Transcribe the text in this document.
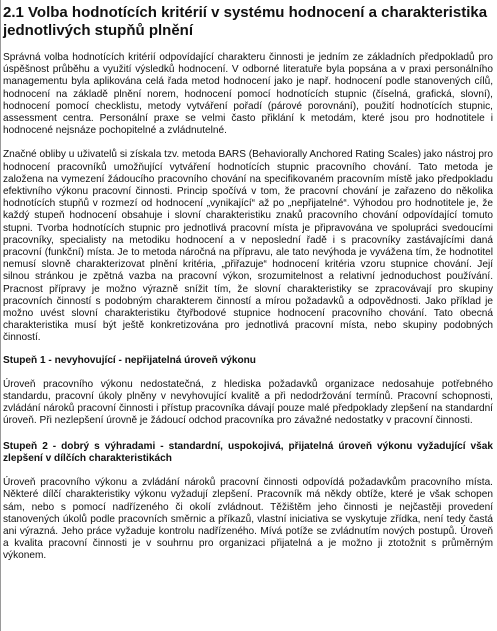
2.1 Volba hodnotících kritérií v systému hodnocení a charakteristika jednotlivých stupňů plnění

Správná volba hodnotících kritérií odpovídající charakteru činnosti je jedním ze základních předpokladů pro úspěšnost průběhu a využití výsledků hodnocení. V odborné literatuře byla popsána a v praxi personálního managementu byla aplikována celá řada metod hodnocení jako je např. hodnocení podle stanovených cílů, hodnocení na základě plnění norem, hodnocení pomocí hodnotících stupnic (číselná, grafická, slovní), hodnocení pomocí checklistu, metody vytváření pořadí (párové porovnání), použití hodnotících stupnic, assessment centra. Personální praxe se velmi často přiklání k metodám, které jsou pro hodnotitele i hodnocené nejsnáze pochopitelné a zvládnutelné.

Značné obliby u uživatelů si získala tzv. metoda BARS (Behaviorally Anchored Rating Scales) jako nástroj pro hodnocení pracovníků umožňující vytváření hodnotících stupnic pracovního chování. Tato metoda je založena na vymezení žádoucího pracovního chování na specifikovaném pracovním místě jako předpokladu efektivního výkonu pracovní činnosti. Princip spočívá v tom, že pracovní chování je zařazeno do několika hodnotících stupňů v rozmezí od hodnocení „vynikající“ až po „nepřijatelné“. Výhodou pro hodnotitele je, že každý stupeň hodnocení obsahuje i slovní charakteristiku znaků pracovního chování odpovídající tomuto stupni. Tvorba hodnotících stupnic pro jednotlivá pracovní místa je připravována ve spolupráci svedoucími pracovníky, specialisty na metodiku hodnocení a v neposlední řadě i s pracovníky zastávajícími daná pracovní (funkční) místa. Je to metoda náročná na přípravu, ale tato nevýhoda je vyvážena tím, že hodnotitel nemusí slovně charakterizovat plnění kritéria, „přiřazuje“ hodnocení kritéria vzoru stupnice chování. Její silnou stránkou je zpětná vazba na pracovní výkon, srozumitelnost a relativní jednoduchost používání. Pracnost přípravy je možno výrazně snížit tím, že slovní charakteristiky se zpracovávají pro skupiny pracovních činností s podobným charakterem činností a mírou požadavků a odpovědnosti. Jako příklad je možno uvést slovní charakteristiku čtyřbodové stupnice hodnocení pracovního chování. Tato obecná charakteristika musí být ještě konkretizována pro jednotlivá pracovní místa, nebo skupiny podobných činností.

Stupeň 1 - nevyhovující - nepřijatelná úroveň výkonu

Úroveň pracovního výkonu nedostatečná, z hlediska požadavků organizace nedosahuje potřebného standardu, pracovní úkoly plněny v nevyhovující kvalitě a při nedodržování termínů. Pracovní schopnosti, zvládání nároků pracovní činnosti i přístup pracovníka dávají pouze malé předpoklady zlepšení na standardní úroveň. Při nezlepšení úrovně je žádoucí odchod pracovníka pro závažné nedostatky v pracovní činnosti.

Stupeň 2 - dobrý s výhradami - standardní, uspokojivá, přijatelná úroveň výkonu vyžadující však zlepšení v dílčích charakteristikách

Úroveň pracovního výkonu a zvládání nároků pracovní činnosti odpovídá požadavkům pracovního místa. Některé dílčí charakteristiky výkonu vyžadují zlepšení. Pracovník má někdy obtíže, které je však schopen sám, nebo s pomocí nadřízeného či okolí zvládnout. Těžištěm jeho činnosti je nejčastěji provedení stanovených úkolů podle pracovních směrnic a příkazů, vlastní iniciativa se vyskytuje zřídka, není tedy častá ani výrazná. Jeho práce vyžaduje kontrolu nadřízeného. Mívá potíže se zvládnutím nových postupů. Úroveň a kvalita pracovní činnosti je v souhrnu pro organizaci přijatelná a je možno ji ztotožnit s průměrným výkonem.
